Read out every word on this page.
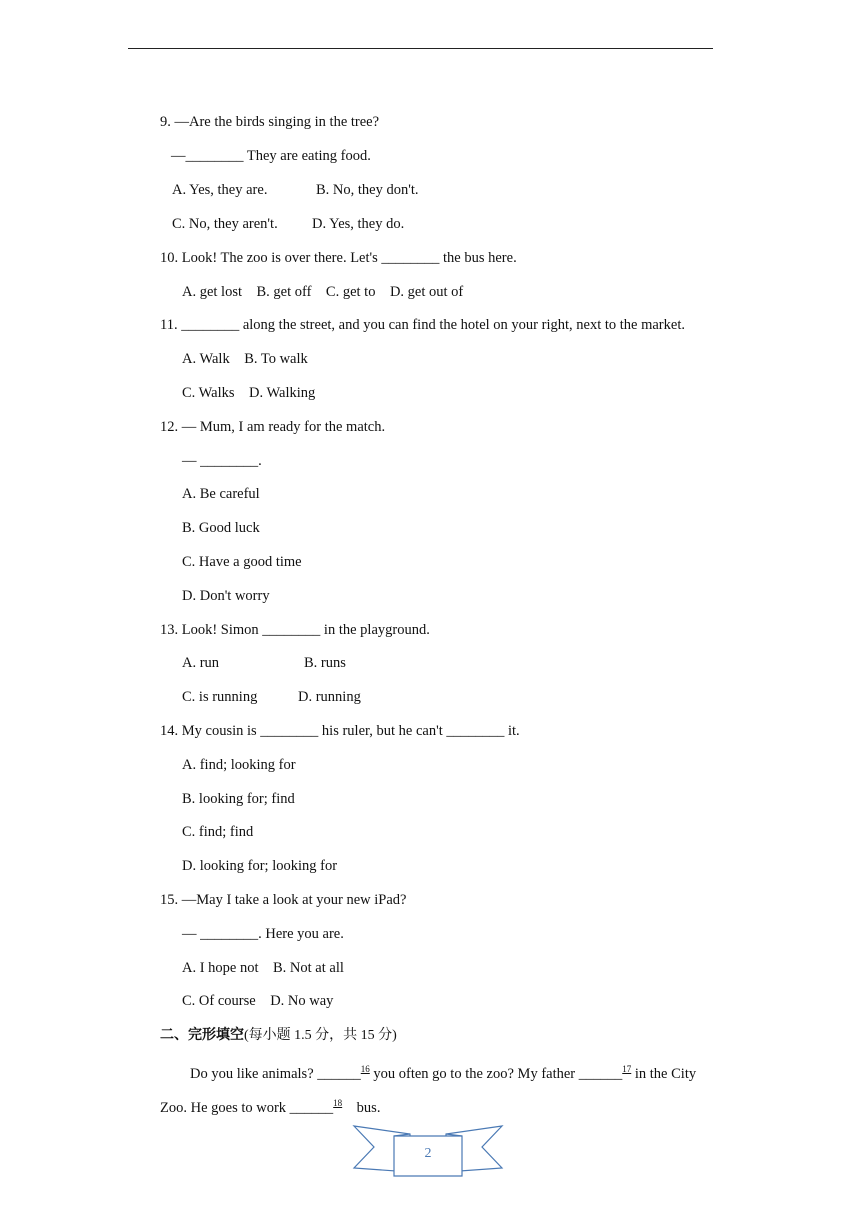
9. —Are the birds singing in the tree?
—________ They are eating food.
A. Yes, they are.	B. No, they don't.
C. No, they aren't. D. Yes, they do.
10. Look! The zoo is over there. Let's ________ the bus here.
A. get lost    B. get off    C. get to    D. get out of
11. ________ along the street, and you can find the hotel on your right, next to the market.
A. Walk    B. To walk
C. Walks    D. Walking
12. — Mum, I am ready for the match.
— ________.
A. Be careful
B. Good luck
C. Have a good time
D. Don't worry
13. Look! Simon ________ in the playground.
A. run	B. runs
C. is running	D. running
14. My cousin is ________ his ruler, but he can't ________ it.
A. find; looking for
B. looking for; find
C. find; find
D. looking for; looking for
15. —May I take a look at your new iPad?
— ________. Here you are.
A. I hope not    B. Not at all
C. Of course    D. No way
二、完形填空(每小题 1.5 分，共 15 分)
Do you like animals? ______$^{16}$ you often go to the zoo? My father ______$^{17}$ in the City
Zoo. He goes to work ______$^{18}$    bus.
2
